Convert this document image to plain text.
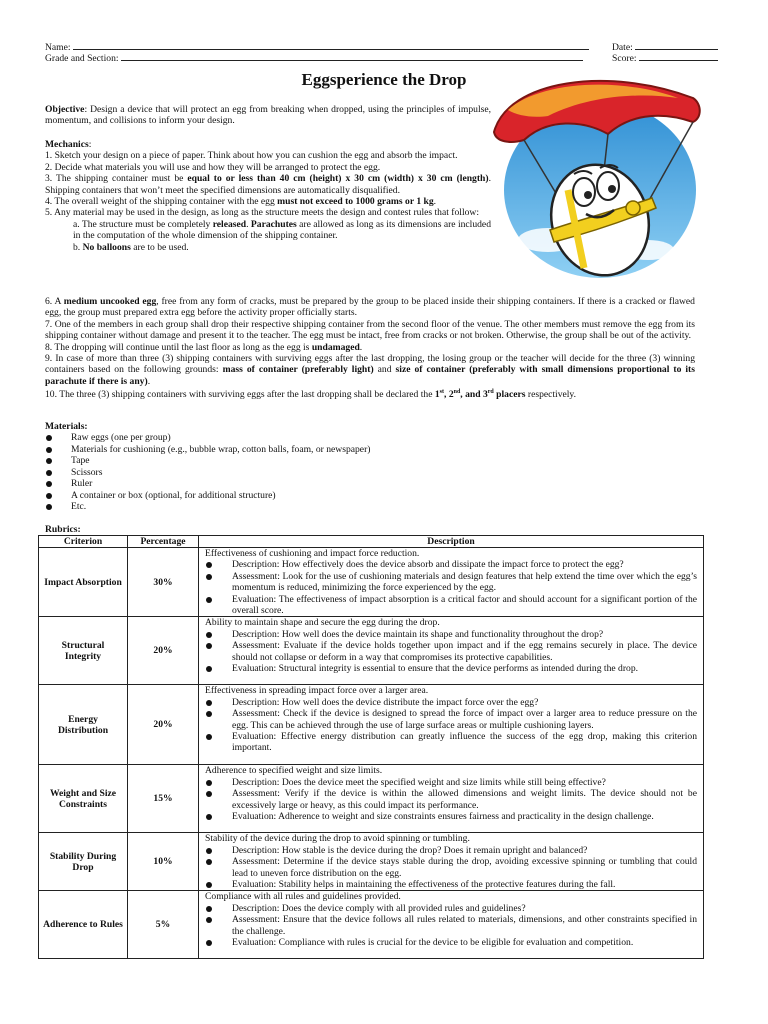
Name:	Date:
Grade and Section:	Score:
Eggsperience the Drop

Objective: Design a device that will protect an egg from breaking when dropped, using the principles of impulse, momentum, and collisions to inform your design.

Mechanics:

1. Sketch your design on a piece of paper. Think about how you can cushion the egg and absorb the impact.

2. Decide what materials you will use and how they will be arranged to protect the egg.

3. The shipping container must be equal to or less than 40 cm (height) x 30 cm (width) x 30 cm (length). Shipping containers that won’t meet the specified dimensions are automatically disqualified.

4. The overall weight of the shipping container with the egg must not exceed to 1000 grams or 1 kg.

5. Any material may be used in the design, as long as the structure meets the design and contest rules that follow:

a. The structure must be completely released. Parachutes are allowed as long as its dimensions are included in the computation of the whole dimension of the shipping container.

b. No balloons are to be used.

6. A medium uncooked egg, free from any form of cracks, must be prepared by the group to be placed inside their shipping containers. If there is a cracked or flawed egg, the group must prepared extra egg before the activity proper officially starts.

7. One of the members in each group shall drop their respective shipping container from the second floor of the venue. The other members must remove the egg from its shipping container without damage and present it to the teacher. The egg must be intact, free from cracks or not broken. Otherwise, the group shall be out of the activity.

8. The dropping will continue until the last floor as long as the egg is undamaged.

9. In case of more than three (3) shipping containers with surviving eggs after the last dropping, the losing group or the teacher will decide for the three (3) winning containers based on the following grounds: mass of container (preferably light) and size of container (preferably with small dimensions proportional to its parachute if there is any).

10. The three (3) shipping containers with surviving eggs after the last dropping shall be declared the 1st, 2nd, and 3rd placers respectively.

Materials:
Raw eggs (one per group)
Materials for cushioning (e.g., bubble wrap, cotton balls, foam, or newspaper)
Tape
Scissors
Ruler
A container or box (optional, for additional structure)
Etc.
Rubrics:
Criterion	Percentage	Description
Impact Absorption	30%	Effectiveness of cushioning and impact force reduction.
Description: How effectively does the device absorb and dissipate the impact force to protect the egg?
Assessment: Look for the use of cushioning materials and design features that help extend the time over which the egg’s momentum is reduced, minimizing the force experienced by the egg.
Evaluation: The effectiveness of impact absorption is a critical factor and should account for a significant portion of the overall score.

Structural Integrity	20%	Ability to maintain shape and secure the egg during the drop.
Description: How well does the device maintain its shape and functionality throughout the drop?
Assessment: Evaluate if the device holds together upon impact and if the egg remains securely in place. The device should not collapse or deform in a way that compromises its protective capabilities.
Evaluation: Structural integrity is essential to ensure that the device performs as intended during the drop.

Energy Distribution	20%	Effectiveness in spreading impact force over a larger area.
Description: How well does the device distribute the impact force over the egg?
Assessment: Check if the device is designed to spread the force of impact over a larger area to reduce pressure on the egg. This can be achieved through the use of large surface areas or multiple cushioning layers.
Evaluation: Effective energy distribution can greatly influence the success of the egg drop, making this criterion important.

Weight and Size Constraints	15%	Adherence to specified weight and size limits.
Description: Does the device meet the specified weight and size limits while still being effective?
Assessment: Verify if the device is within the allowed dimensions and weight limits. The device should not be excessively large or heavy, as this could impact its performance.
Evaluation: Adherence to weight and size constraints ensures fairness and practicality in the design challenge.

Stability During Drop	10%	Stability of the device during the drop to avoid spinning or tumbling.
Description: How stable is the device during the drop? Does it remain upright and balanced?
Assessment: Determine if the device stays stable during the drop, avoiding excessive spinning or tumbling that could lead to uneven force distribution on the egg.
Evaluation: Stability helps in maintaining the effectiveness of the protective features during the fall.

Adherence to Rules	5%	Compliance with all rules and guidelines provided.
Description: Does the device comply with all provided rules and guidelines?
Assessment: Ensure that the device follows all rules related to materials, dimensions, and other constraints specified in the challenge.
Evaluation: Compliance with rules is crucial for the device to be eligible for evaluation and competition.
